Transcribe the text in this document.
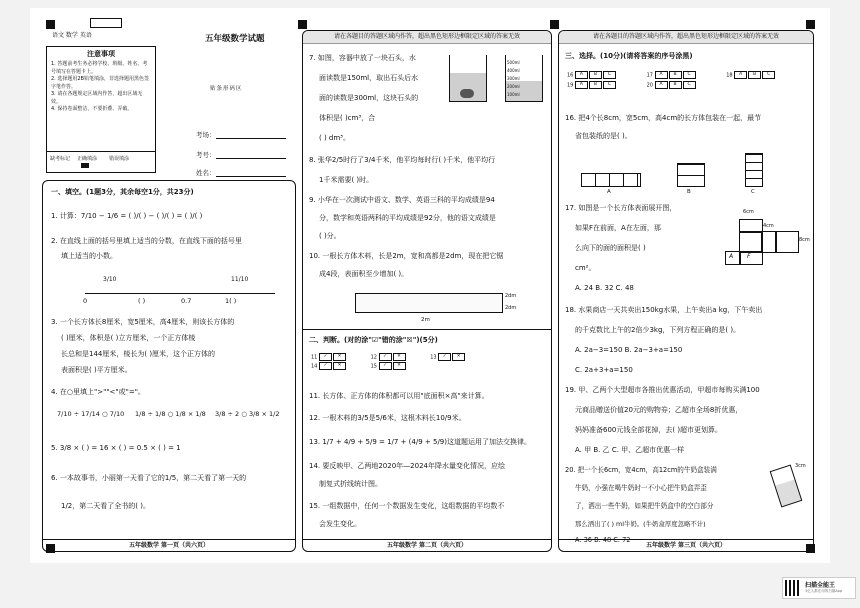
语文 数学 英语	五年级数学试题
注意事项
1. 答题前考生务必将学校、班级、姓名、考号填写在答题卡上。
2. 选择题用2B铅笔填涂，非选择题用黑色签字笔作答。
3. 请在各题规定区域内作答，超出区域无效。
4. 保持卷面整洁，不要折叠、弄破。
缺考标记 正确填涂 错误填涂
贴条形码区
考场：
考号：
姓名：
一、填空。(1题3分，其余每空1分，共23分)
1. 计算：7/10 − 1/6 = ( )/( ) − ( )/( ) = ( )/( )
2. 在直线上面的括号里填上适当的分数，在直线下面的括号里
填上适当的小数。
3/10	11/10
0	( )	0.7	1( )
3. 一个长方体长8厘米，宽5厘米，高4厘米，则该长方体的
( )厘米，体积是( )立方厘米，一个正方体棱
长总和是144厘米，棱长为( )厘米，这个正方体的
表面积是( )平方厘米。
4. 在○里填上">""<"或"="。
7/10 ÷ 17/14 ○ 7/10 1/8 ÷ 1/8 ○ 1/8 × 1/8 3/8 ÷ 2 ○ 3/8 × 1/2
5. 3/8 × ( ) = 16 × ( ) = 0.5 × ( ) = 1
6. 一本故事书，小丽第一天看了它的1/5，第二天看了第一天的
1/2，第二天看了全书的( )。
五年级数学 第一页（共六页）
请在各题目的答题区域内作答，超出黑色矩形边框限定区域的答案无效
7. 如图，容器中放了一块石头，水
面读数是150ml，取出石头后水
面的读数是300ml，这块石头的
体积是( )cm³，合
( ) dm³。
500ml
400ml
300ml
200ml
100ml
8. 张华2/5时行了3/4千米，他平均每时行( )千米，他平均行
1千米需要( )时。
9. 小华在一次测试中语文、数学、英语三科的平均成绩是94
分，数学和英语两科的平均成绩是92分，他的语文成绩是
( )分。
10. 一根长方体木料，长是2m，宽和高都是2dm，现在把它锯
成4段，表面积至少增加( )。
2m
2dm
2dm
二、判断。(对的涂"☑"错的涂"☒")(5分)
11 ✓ ✕	12 ✓ ✕	13 ✓ ✕
14 ✓ ✕	15 ✓ ✕
11. 长方体、正方体的体积都可以用"底面积×高"来计算。
12. 一根木料的3/5是5/6米，这根木料长10/9米。
13. 1/7 + 4/9 + 5/9 = 1/7 + (4/9 + 5/9)这道题运用了加法交换律。
14. 要反映甲、乙两地2020年—2024年降水量变化情况，应绘
制复式折线统计图。
15. 一组数据中，任何一个数据发生变化，这组数据的平均数不
会发生变化。
五年级数学 第二页（共六页）
请在各题目的答题区域内作答，超出黑色矩形边框限定区域的答案无效
三、选择。(10分)(请将答案的序号涂黑)
16 A B C	17 A B C	18 A B C
19 A B C	20 A B C
16. 把4个长8cm，宽5cm，高4cm的长方体包装在一起，最节
省包装纸的是( )。
A	B	C
17. 如图是一个长方体表面展开图，
如果F在前面，A在左面，那
么向下的面的面积是( )
cm²。
6cm
4cm
8cm
A F
A. 24 B. 32 C. 48
18. 水果商店一天共卖出150kg水果，上午卖出a kg，下午卖出
的千克数比上午的2倍少3kg，下列方程正确的是( )。
A. 2a−3=150 B. 2a−3+a=150
C. 2a+3+a=150
19. 甲、乙两个大型超市各推出优惠活动，甲超市每购买满100
元商品赠送价值20元的购物券；乙超市全场8折优惠，
妈妈准备600元钱全部花掉，去( )超市更划算。
A. 甲 B. 乙 C. 甲、乙超市优惠一样
20. 把一个长6cm，宽4cm，高12cm的牛奶盒装满
牛奶，小强在喝牛奶时一不小心把牛奶盒弄歪
了，洒出一些牛奶，如果把牛奶盒中的空白部分
那么洒出了( ) ml牛奶。(牛奶盒厚度忽略不计)
A. 36 B. 48 C. 72
3cm
五年级数学 第三页（共六页）
扫描全能王
3亿人都在用的扫描App
